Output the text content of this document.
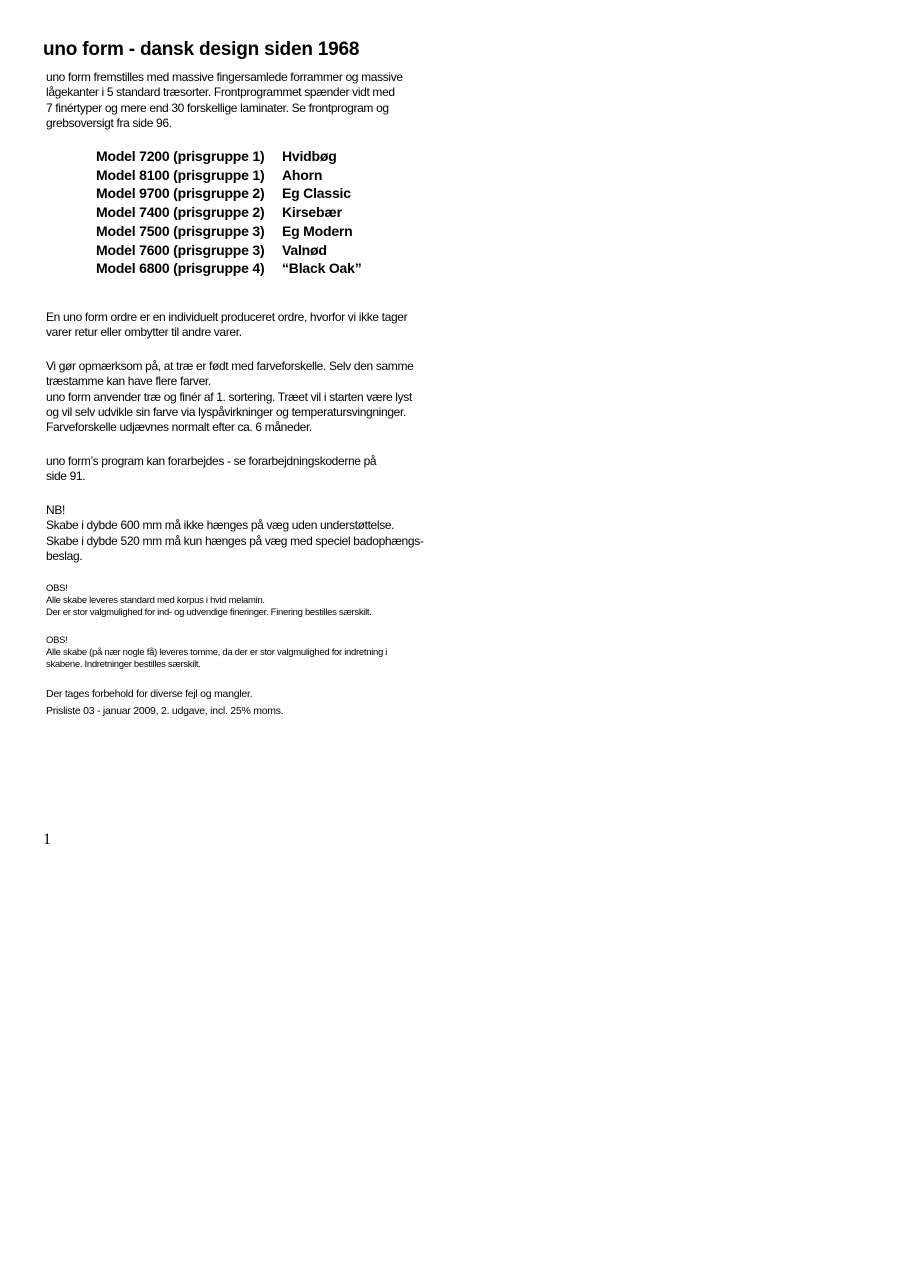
uno form - dansk design siden 1968

uno form fremstilles med massive fingersamlede forrammer og massive

lågekanter i 5 standard træsorter. Frontprogrammet spænder vidt med

7 finértyper og mere end 30 forskellige laminater. Se frontprogram og

grebsoversigt fra side 96.

Model 7200 (prisgruppe 1)	Hvidbøg
Model 8100 (prisgruppe 1)	Ahorn
Model 9700 (prisgruppe 2)	Eg Classic
Model 7400 (prisgruppe 2)	Kirsebær
Model 7500 (prisgruppe 3)	Eg Modern
Model 7600 (prisgruppe 3)	Valnød
Model 6800 (prisgruppe 4)	“Black Oak”

En uno form ordre er en individuelt produceret ordre, hvorfor vi ikke tager

varer retur eller ombytter til andre varer.

Vi gør opmærksom på, at træ er født med farveforskelle. Selv den samme

træstamme kan have flere farver.

uno form anvender træ og finér af 1. sortering. Træet vil i starten være lyst

og vil selv udvikle sin farve via lyspåvirkninger og temperatursvingninger.

Farveforskelle udjævnes normalt efter ca. 6 måneder.

uno form’s program kan forarbejdes - se forarbejdningskoderne på

side 91.

NB!

Skabe i dybde 600 mm må ikke hænges på væg uden understøttelse.

Skabe i dybde 520 mm må kun hænges på væg med speciel badophængs-

beslag.

OBS!

Alle skabe leveres standard med korpus i hvid melamin.

Der er stor valgmulighed for ind- og udvendige fineringer. Finering bestilles særskilt.

OBS!

Alle skabe (på nær nogle få) leveres tomme, da der er stor valgmulighed for indretning i

skabene. Indretninger bestilles særskilt.

Der tages forbehold for diverse fejl og mangler.
Prisliste 03 - januar 2009, 2. udgave, incl. 25% moms.
1
